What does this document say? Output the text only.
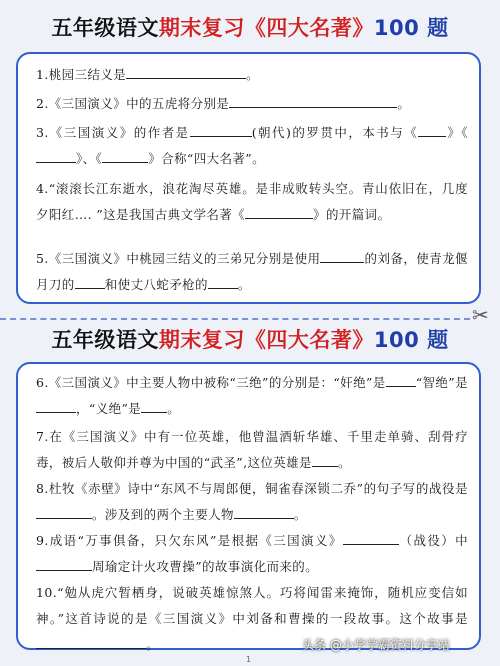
五年级语文期末复习《四大名著》100 题
1.桃园三结义是	。
2.《三国演义》中的五虎将分别是	。
3.《三国演义》的作者是	(朝代)的罗贯中，本书与《 》《》、《	》合称“四大名著”。
4.“滚滚长江东逝水，浪花淘尽英雄。是非成败转头空。青山依旧在，几度夕阳红…. ”这是我国古典文学名著《	》的开篇词。
5.《三国演义》中桃园三结义的三弟兄分别是使用	的刘备，使青龙偃月刀的 和使丈八蛇矛枪的 。
✂
五年级语文期末复习《四大名著》100 题
6.《三国演义》中主要人物中被称“三绝”的分别是：“奸绝”是 “智绝”是，“义绝”是 。
7.在《三国演义》中有一位英雄，他曾温酒斩华雄、千里走单骑、刮骨疗毒，被后人敬仰并尊为中国的“武圣”,这位英雄是 。
8.杜牧《赤壁》诗中“东风不与周郎便，铜雀春深锁二乔”的句子写的战役是。涉及到的两个主要人物	。
9.成语“万事俱备，只欠东风”是根据《三国演义》	（战役）中周瑜定计火攻曹操”的故事演化而来的。
10.“勉从虎穴暂栖身，说破英雄惊煞人。巧将闻雷来掩饰，随机应变信如神。”这首诗说的是《三国演义》中刘备和曹操的一段故事。这个故事是。	头条 @小学学霸资料分享站
1
